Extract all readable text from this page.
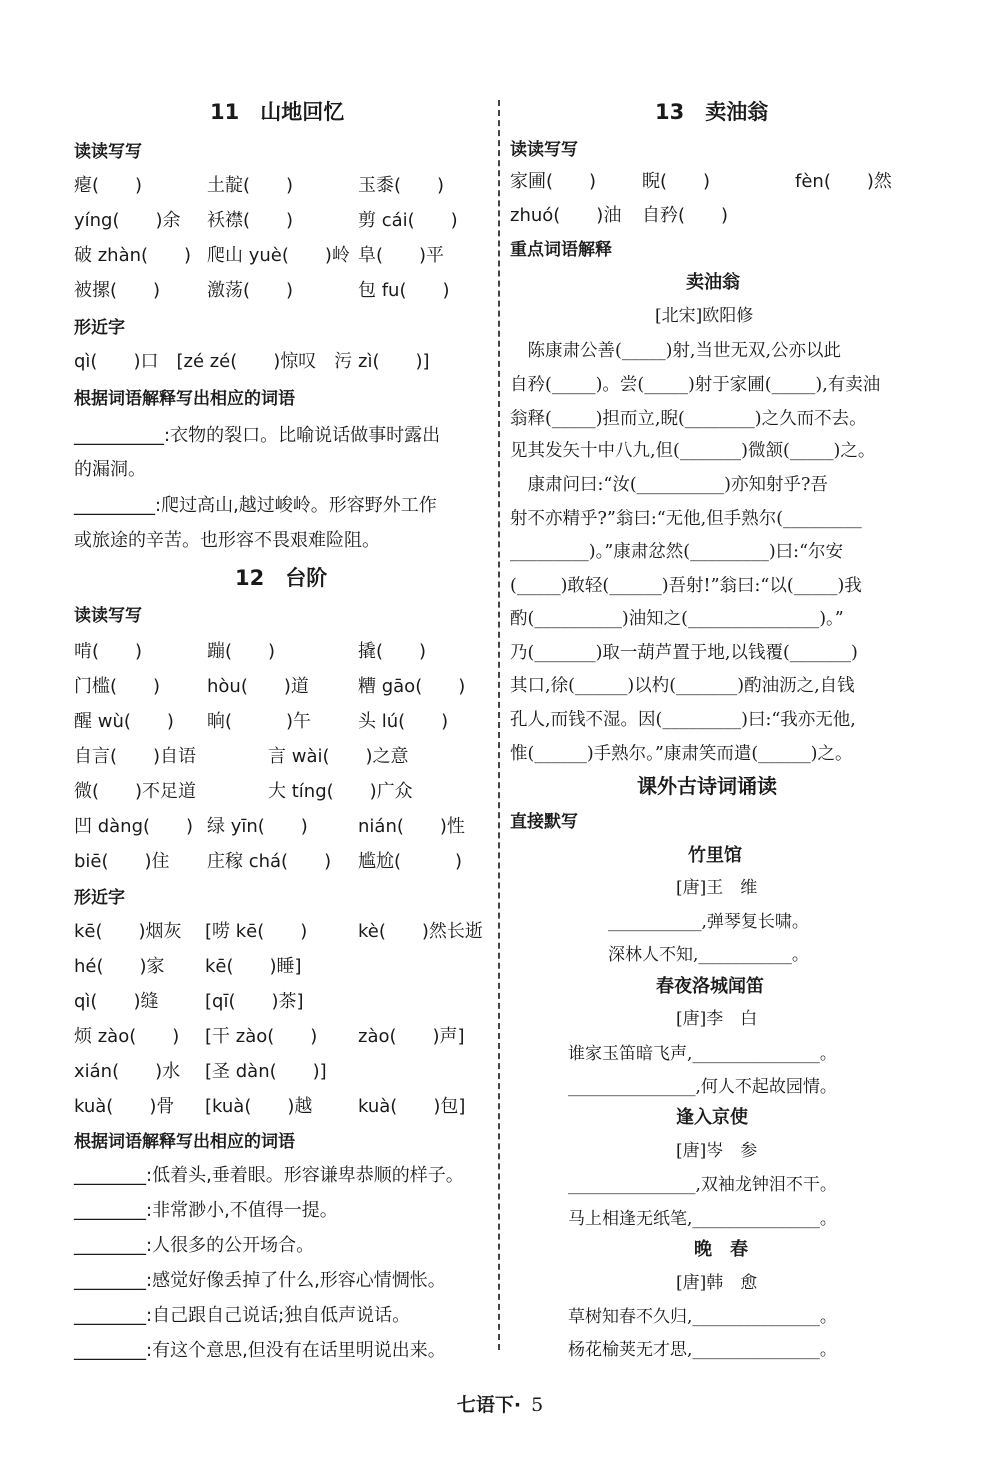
11　山地回忆
读读写写
瘪(　　)	土靛(　　)	玉黍(　　)
yíng(　　)余 袄襟(　　)	剪 cái(　　)
破 zhàn(　　) 爬山 yuè(　　)岭 阜(　　)平
被摞(　　)	激荡(　　)	包 fu(　　)
形近字
qì(　　)口　[zé zé(　　)惊叹　污 zì(　　)]
根据词语解释写出相应的词语
__________:衣物的裂口。比喻说话做事时露出
的漏洞。
_________:爬过高山,越过峻岭。形容野外工作
或旅途的辛苦。也形容不畏艰难险阻。
12　台阶
读读写写
啃(　　)	蹦(　　)	撬(　　)
门槛(　　)	hòu(　　)道	糟 gāo(　　)
醒 wù(　　) 晌(　　　)午	头 lú(　　)
自言(　　)自语	言 wài(　　)之意
微(　　)不足道	大 tíng(　　)广众
凹 dàng(　　) 绿 yīn(　　)	nián(　　)性
biē(　　)住 庄稼 chá(　　) 尴尬(　　　)
形近字
kē(　　)烟灰 [唠 kē(　　)	kè(　　)然长逝
hé(　　)家 kē(　　)睡]
qì(　　)缝	[qī(　　)茶]
烦 zào(　　) [干 zào(　　) zào(　　)声]
xián(　　)水 [圣 dàn(　　)]
kuà(　　)骨 [kuà(　　)越	kuà(　　)包]
根据词语解释写出相应的词语
________:低着头,垂着眼。形容谦卑恭顺的样子。
________:非常渺小,不值得一提。
________:人很多的公开场合。
________:感觉好像丢掉了什么,形容心情惆怅。
________:自己跟自己说话;独自低声说话。
________:有这个意思,但没有在话里明说出来。
13　卖油翁
读读写写
家圃(　　)	睨(　　)	fèn(　　)然
zhuó(　　)油 自矜(　　)
重点词语解释
卖油翁
[北宋]欧阳修
　陈康肃公善(_____)射,当世无双,公亦以此
自矜(_____)。尝(_____)射于家圃(_____),有卖油
翁释(_____)担而立,睨(________)之久而不去。
见其发矢十中八九,但(_______)微颔(_____)之。
　康肃问曰:“汝(__________)亦知射乎?吾
射不亦精乎?”翁曰:“无他,但手熟尔(_________
_________)。”康肃忿然(_________)曰:“尔安
(_____)敢轻(______)吾射!”翁曰:“以(_____)我
酌(__________)油知之(_______________)。”
乃(_______)取一葫芦置于地,以钱覆(_______)
其口,徐(______)以杓(_______)酌油沥之,自钱
孔人,而钱不湿。因(_________)曰:“我亦无他,
惟(______)手熟尔。”康肃笑而遣(______)之。
课外古诗词诵读
直接默写
竹里馆
[唐]王　维
___________,弹琴复长啸。
深林人不知,___________。
春夜洛城闻笛
[唐]李　白
谁家玉笛暗飞声,_______________。
_______________,何人不起故园情。
逢入京使
[唐]岑　参
_______________,双袖龙钟泪不干。
马上相逢无纸笔,_______________。
晚　春
[唐]韩　愈
草树知春不久归,_______________。
杨花榆荚无才思,_______________。
七语下· 5
